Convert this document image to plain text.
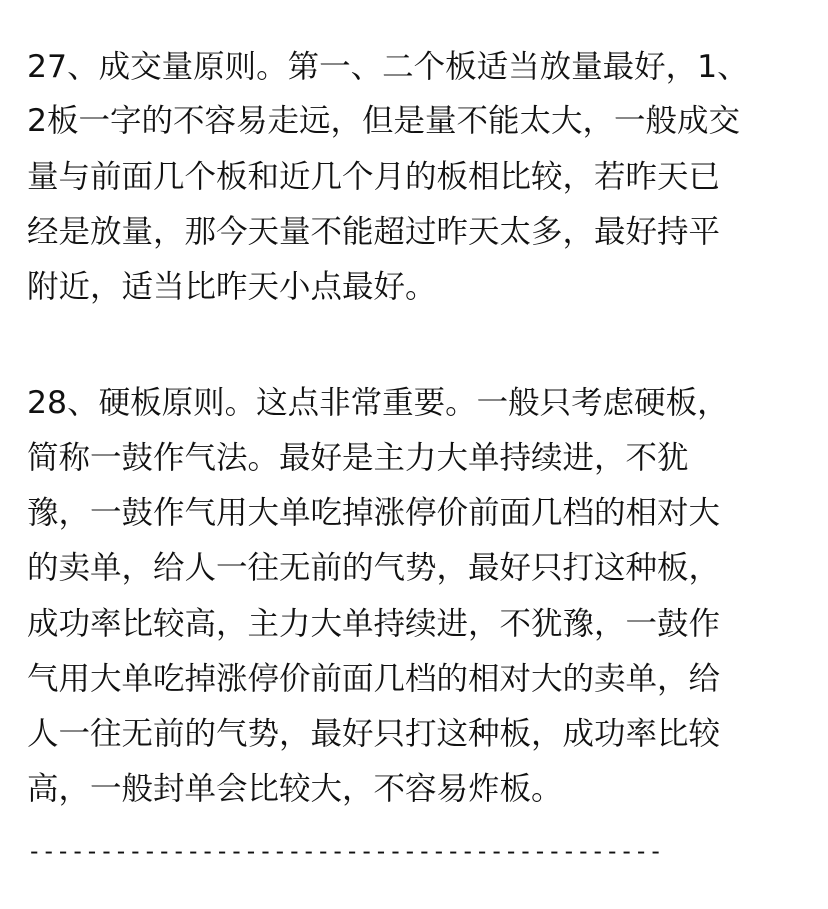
27、成交量原则。第一、二个板适当放量最好，1、
2板一字的不容易走远，但是量不能太大，一般成交
量与前面几个板和近几个月的板相比较，若昨天已
经是放量，那今天量不能超过昨天太多，最好持平
附近，适当比昨天小点最好。
28、硬板原则。这点非常重要。一般只考虑硬板，
简称一鼓作气法。最好是主力大单持续进，不犹
豫，一鼓作气用大单吃掉涨停价前面几档的相对大
的卖单，给人一往无前的气势，最好只打这种板，
成功率比较高，主力大单持续进，不犹豫，一鼓作
气用大单吃掉涨停价前面几档的相对大的卖单，给
人一往无前的气势，最好只打这种板，成功率比较
高，一般封单会比较大，不容易炸板。
--------------------------------------------
